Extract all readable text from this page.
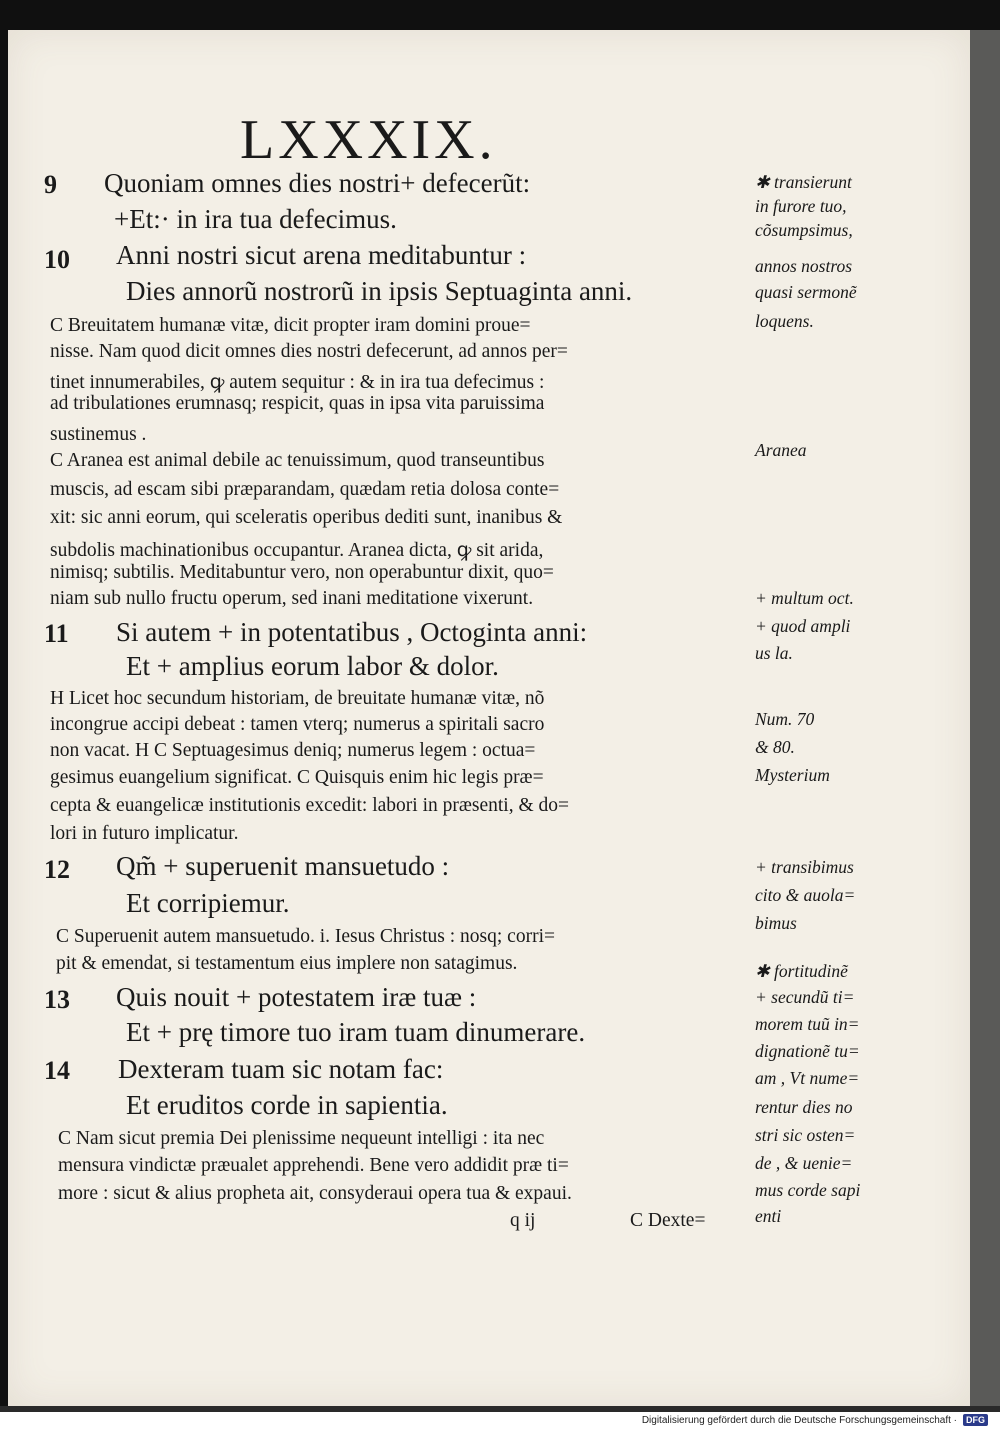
LXXXIX.
9
10
11
12
13
14
Quoniam omnes dies nostri+ defecerũt:
+Et:· in ira tua defecimus.
Anni nostri sicut arena meditabuntur :
Dies annorũ nostrorũ in ipsis Septuaginta anni.
C Breuitatem humanæ vitæ, dicit propter iram domini proue=
nisse. Nam quod dicit omnes dies nostri defecerunt, ad annos per=
tinet innumerabiles, ꝙ autem sequitur : & in ira tua defecimus :
ad tribulationes erumnasq; respicit, quas in ipsa vita paruissima
sustinemus .
C Aranea est animal debile ac tenuissimum, quod transeuntibus
muscis, ad escam sibi præparandam, quædam retia dolosa conte=
xit: sic anni eorum, qui sceleratis operibus dediti sunt, inanibus &
subdolis machinationibus occupantur. Aranea dicta, ꝙ sit arida,
nimisq; subtilis. Meditabuntur vero, non operabuntur dixit, quo=
niam sub nullo fructu operum, sed inani meditatione vixerunt.
Si autem + in potentatibus , Octoginta anni:
Et + amplius eorum labor & dolor.
H Licet hoc secundum historiam, de breuitate humanæ vitæ, nõ
incongrue accipi debeat : tamen vterq; numerus a spiritali sacro
non vacat. H C Septuagesimus deniq; numerus legem : octua=
gesimus euangelium significat. C Quisquis enim hic legis præ=
cepta & euangelicæ institutionis excedit: labori in præsenti, & do=
lori in futuro implicatur.
Qm̃ + superuenit mansuetudo :
Et corripiemur.
C Superuenit autem mansuetudo. i. Iesus Christus : nosq; corri=
pit & emendat, si testamentum eius implere non satagimus.
Quis nouit + potestatem iræ tuæ :
Et + prę timore tuo iram tuam dinumerare.
Dexteram tuam sic notam fac:
Et eruditos corde in sapientia.
C Nam sicut premia Dei plenissime nequeunt intelligi : ita nec
mensura vindictæ præualet apprehendi. Bene vero addidit præ ti=
more : sicut & alius propheta ait, consyderaui opera tua & expaui.
q ij	C Dexte=
✱ transierunt
in furore tuo,
cõsumpsimus,
annos nostros
quasi sermonẽ
loquens.
Aranea
+ multum oct.
+ quod ampli
us la.
Num. 70
& 80.
Mysterium
+ transibimus
cito & auola=
bimus
✱ fortitudinẽ
+ secundũ ti=
morem tuũ in=
dignationẽ tu=
am , Vt nume=
rentur dies no
stri sic osten=
de , & uenie=
mus corde sapi
enti
Digitalisierung gefördert durch die Deutsche Forschungsgemeinschaft ·	DFG
